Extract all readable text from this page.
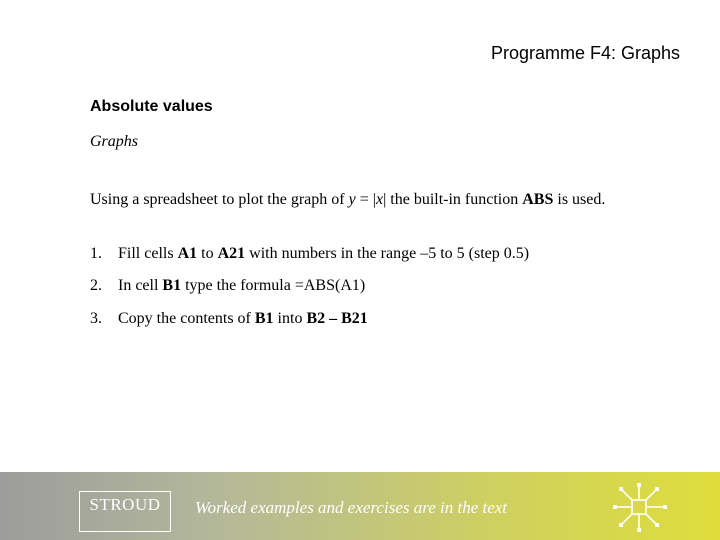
Programme F4: Graphs
Absolute values
Graphs
Using a spreadsheet to plot the graph of y = |x| the built-in function ABS is used.
1. Fill cells A1 to A21 with numbers in the range –5 to 5 (step 0.5)
2. In cell B1 type the formula =ABS(A1)
3. Copy the contents of B1 into B2 – B21
STROUD	Worked examples and exercises are in the text
